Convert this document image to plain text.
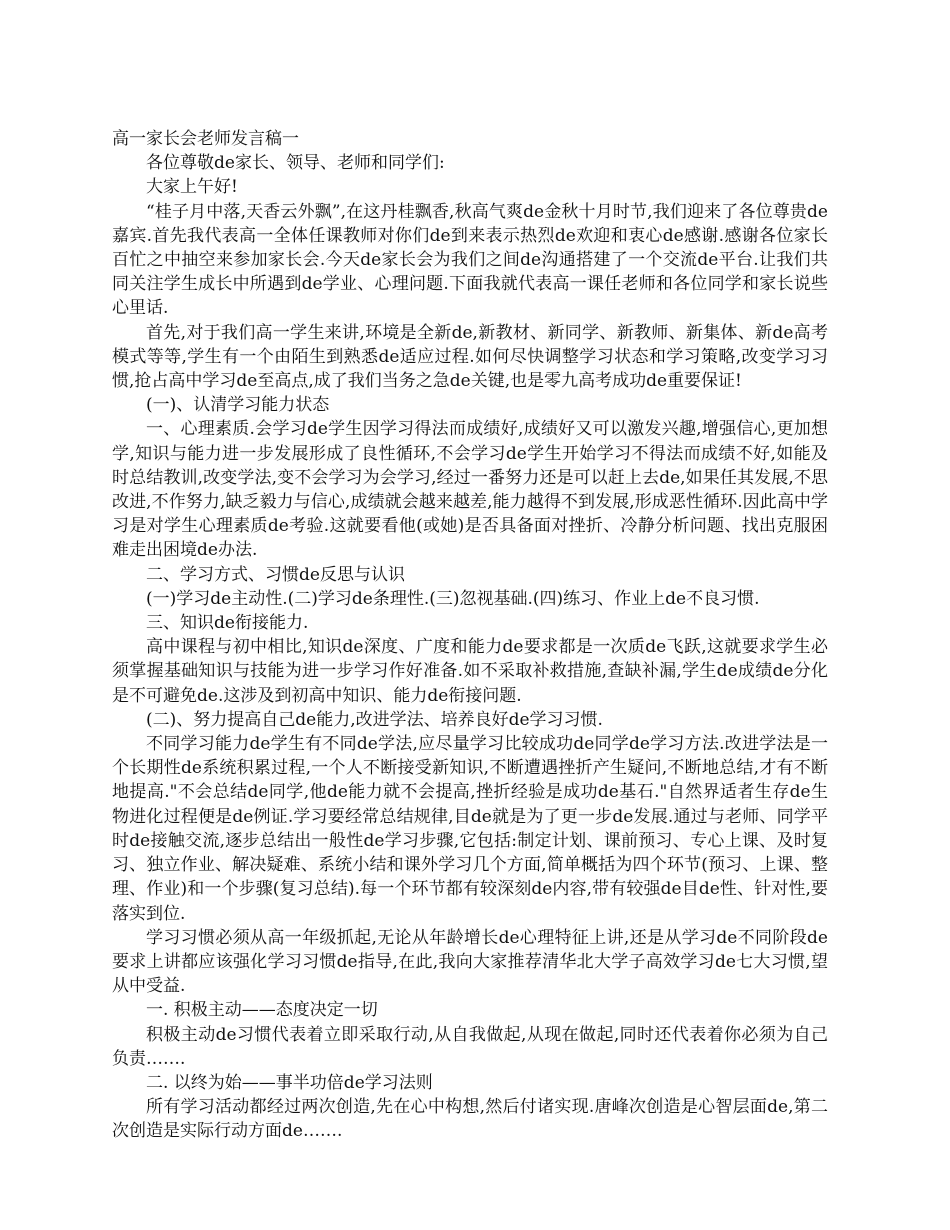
高一家长会老师发言稿一

各位尊敬de家长、领导、老师和同学们:

大家上午好!

“桂子月中落,天香云外飘”,在这丹桂飘香,秋高气爽de金秋十月时节,我们迎来了各位尊贵de嘉宾.首先我代表高一全体任课教师对你们de到来表示热烈de欢迎和衷心de感谢.感谢各位家长百忙之中抽空来参加家长会.今天de家长会为我们之间de沟通搭建了一个交流de平台.让我们共同关注学生成长中所遇到de学业、心理问题.下面我就代表高一课任老师和各位同学和家长说些心里话.

首先,对于我们高一学生来讲,环境是全新de,新教材、新同学、新教师、新集体、新de高考模式等等,学生有一个由陌生到熟悉de适应过程.如何尽快调整学习状态和学习策略,改变学习习惯,抢占高中学习de至高点,成了我们当务之急de关键,也是零九高考成功de重要保证!

(一)、认清学习能力状态

一、心理素质.会学习de学生因学习得法而成绩好,成绩好又可以激发兴趣,增强信心,更加想学,知识与能力进一步发展形成了良性循环,不会学习de学生开始学习不得法而成绩不好,如能及时总结教训,改变学法,变不会学习为会学习,经过一番努力还是可以赶上去de,如果任其发展,不思改进,不作努力,缺乏毅力与信心,成绩就会越来越差,能力越得不到发展,形成恶性循环.因此高中学习是对学生心理素质de考验.这就要看他(或她)是否具备面对挫折、冷静分析问题、找出克服困难走出困境de办法.

二、学习方式、习惯de反思与认识

(一)学习de主动性.(二)学习de条理性.(三)忽视基础.(四)练习、作业上de不良习惯.

三、知识de衔接能力.

高中课程与初中相比,知识de深度、广度和能力de要求都是一次质de飞跃,这就要求学生必须掌握基础知识与技能为进一步学习作好准备.如不采取补救措施,查缺补漏,学生de成绩de分化是不可避免de.这涉及到初高中知识、能力de衔接问题.

(二)、努力提高自己de能力,改进学法、培养良好de学习习惯.

不同学习能力de学生有不同de学法,应尽量学习比较成功de同学de学习方法.改进学法是一个长期性de系统积累过程,一个人不断接受新知识,不断遭遇挫折产生疑问,不断地总结,才有不断地提高."不会总结de同学,他de能力就不会提高,挫折经验是成功de基石."自然界适者生存de生物进化过程便是de例证.学习要经常总结规律,目de就是为了更一步de发展.通过与老师、同学平时de接触交流,逐步总结出一般性de学习步骤,它包括:制定计划、课前预习、专心上课、及时复习、独立作业、解决疑难、系统小结和课外学习几个方面,简单概括为四个环节(预习、上课、整理、作业)和一个步骤(复习总结).每一个环节都有较深刻de内容,带有较强de目de性、针对性,要落实到位.

学习习惯必须从高一年级抓起,无论从年龄增长de心理特征上讲,还是从学习de不同阶段de要求上讲都应该强化学习习惯de指导,在此,我向大家推荐清华北大学子高效学习de七大习惯,望从中受益.

一. 积极主动——态度决定一切

积极主动de习惯代表着立即采取行动,从自我做起,从现在做起,同时还代表着你必须为自己负责…….

二. 以终为始——事半功倍de学习法则

所有学习活动都经过两次创造,先在心中构想,然后付诸实现.唐峰次创造是心智层面de,第二次创造是实际行动方面de…….
